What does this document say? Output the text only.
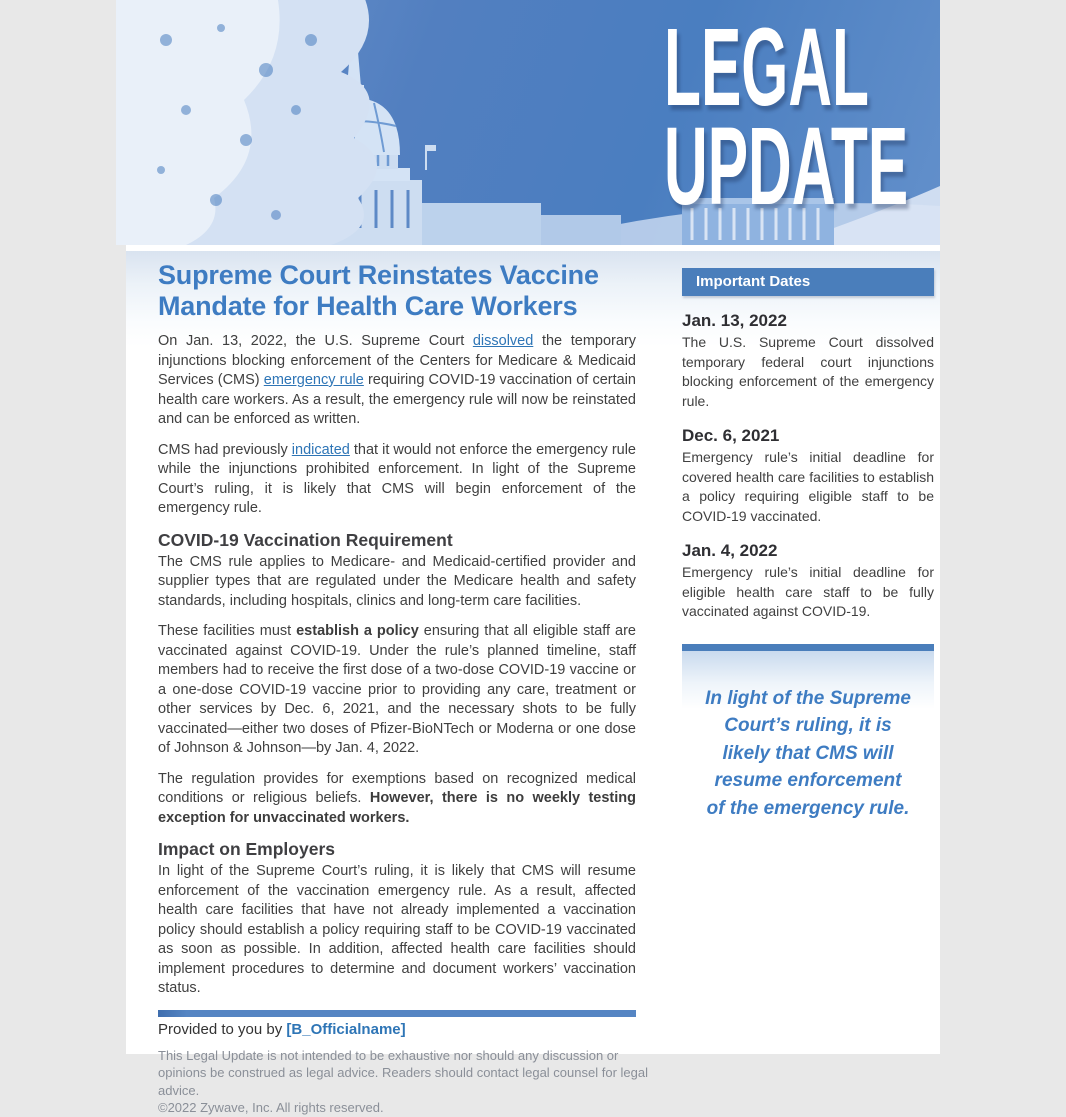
LEGAL
UPDATE
Supreme Court Reinstates Vaccine Mandate for Health Care Workers

On Jan. 13, 2022, the U.S. Supreme Court dissolved the temporary injunctions blocking enforcement of the Centers for Medicare & Medicaid Services (CMS) emergency rule requiring COVID-19 vaccination of certain health care workers. As a result, the emergency rule will now be reinstated and can be enforced as written.

CMS had previously indicated that it would not enforce the emergency rule while the injunctions prohibited enforcement. In light of the Supreme Court’s ruling, it is likely that CMS will begin enforcement of the emergency rule.

COVID-19 Vaccination Requirement

The CMS rule applies to Medicare- and Medicaid-certified provider and supplier types that are regulated under the Medicare health and safety standards, including hospitals, clinics and long-term care facilities.

These facilities must establish a policy ensuring that all eligible staff are vaccinated against COVID-19. Under the rule’s planned timeline, staff members had to receive the first dose of a two-dose COVID-19 vaccine or a one-dose COVID-19 vaccine prior to providing any care, treatment or other services by Dec. 6, 2021, and the necessary shots to be fully vaccinated—either two doses of Pfizer-BioNTech or Moderna or one dose of Johnson & Johnson—by Jan. 4, 2022.

The regulation provides for exemptions based on recognized medical conditions or religious beliefs. However, there is no weekly testing exception for unvaccinated workers.

Impact on Employers

In light of the Supreme Court’s ruling, it is likely that CMS will resume enforcement of the vaccination emergency rule. As a result, affected health care facilities that have not already implemented a vaccination policy should establish a policy requiring staff to be COVID-19 vaccinated as soon as possible. In addition, affected health care facilities should implement procedures to determine and document workers’ vaccination status.

Provided to you by [B_Officialname]

This Legal Update is not intended to be exhaustive nor should any discussion or opinions be construed as legal advice. Readers should contact legal counsel for legal advice.
©2022 Zywave, Inc. All rights reserved.
Important Dates
Jan. 13, 2022
The U.S. Supreme Court dissolved temporary federal court injunctions blocking enforcement of the emergency rule.
Dec. 6, 2021
Emergency rule’s initial deadline for covered health care facilities to establish a policy requiring eligible staff to be COVID-19 vaccinated.
Jan. 4, 2022
Emergency rule’s initial deadline for eligible health care staff to be fully vaccinated against COVID-19.
In light of the Supreme Court’s ruling, it is likely that CMS will resume enforcement of the emergency rule.
